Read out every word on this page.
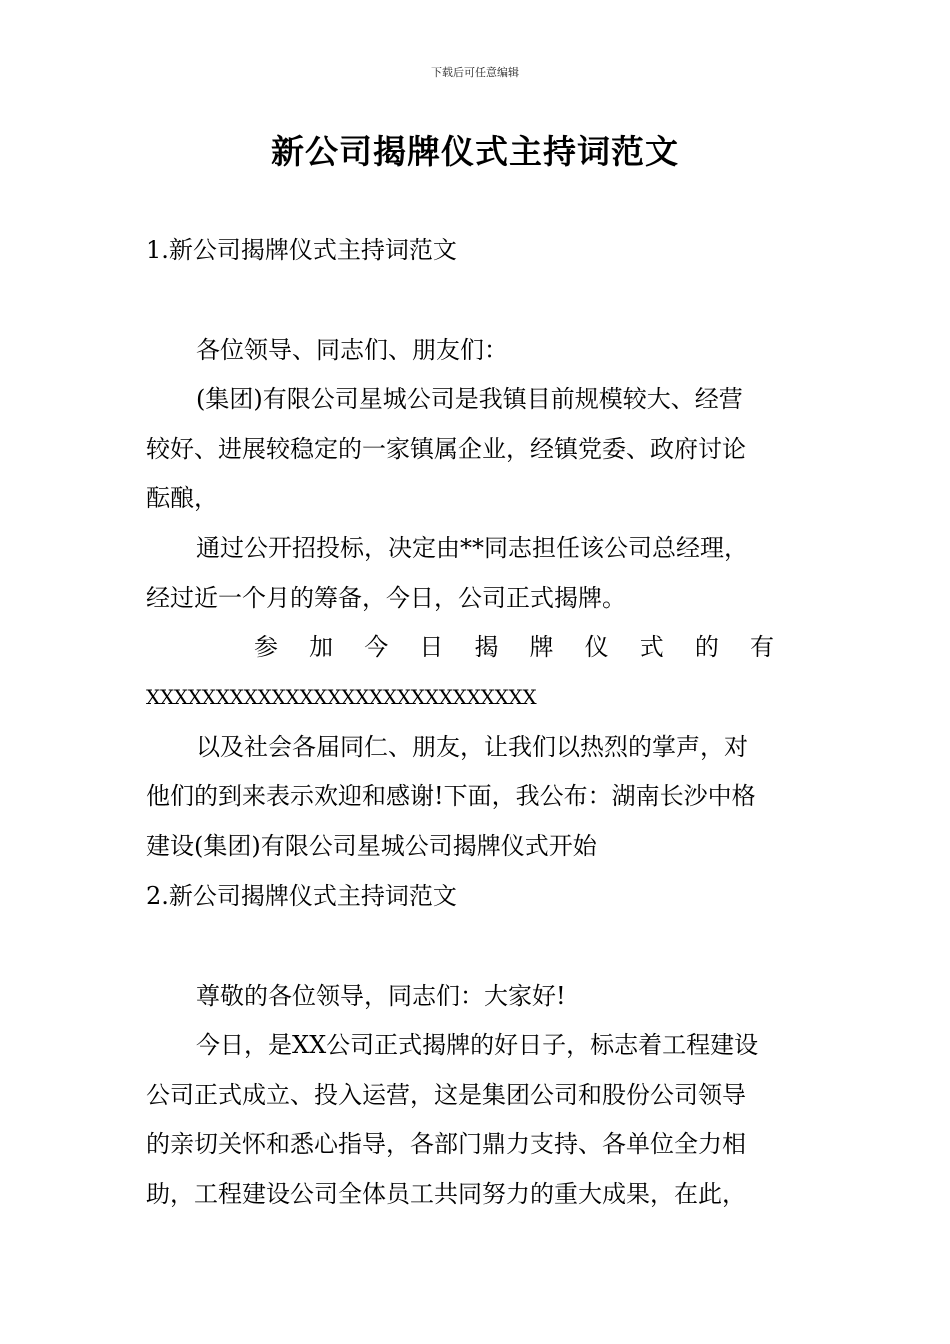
下载后可任意编辑
新公司揭牌仪式主持词范文
1.新公司揭牌仪式主持词范文
各位领导、同志们、朋友们：
(集团)有限公司星城公司是我镇目前规模较大、经营
较好、进展较稳定的一家镇属企业，经镇党委、政府讨论
酝酿，
通过公开招投标，决定由**同志担任该公司总经理，
经过近一个月的筹备，今日，公司正式揭牌。
参 加 今 日 揭 牌 仪 式 的 有
XXXXXXXXXXXXXXXXXXXXXXXXXXXX
以及社会各届同仁、朋友，让我们以热烈的掌声，对
他们的到来表示欢迎和感谢!下面，我公布：湖南长沙中格
建设(集团)有限公司星城公司揭牌仪式开始
2.新公司揭牌仪式主持词范文
尊敬的各位领导，同志们：大家好!
今日，是XX公司正式揭牌的好日子，标志着工程建设
公司正式成立、投入运营，这是集团公司和股份公司领导
的亲切关怀和悉心指导，各部门鼎力支持、各单位全力相
助，工程建设公司全体员工共同努力的重大成果，在此，
